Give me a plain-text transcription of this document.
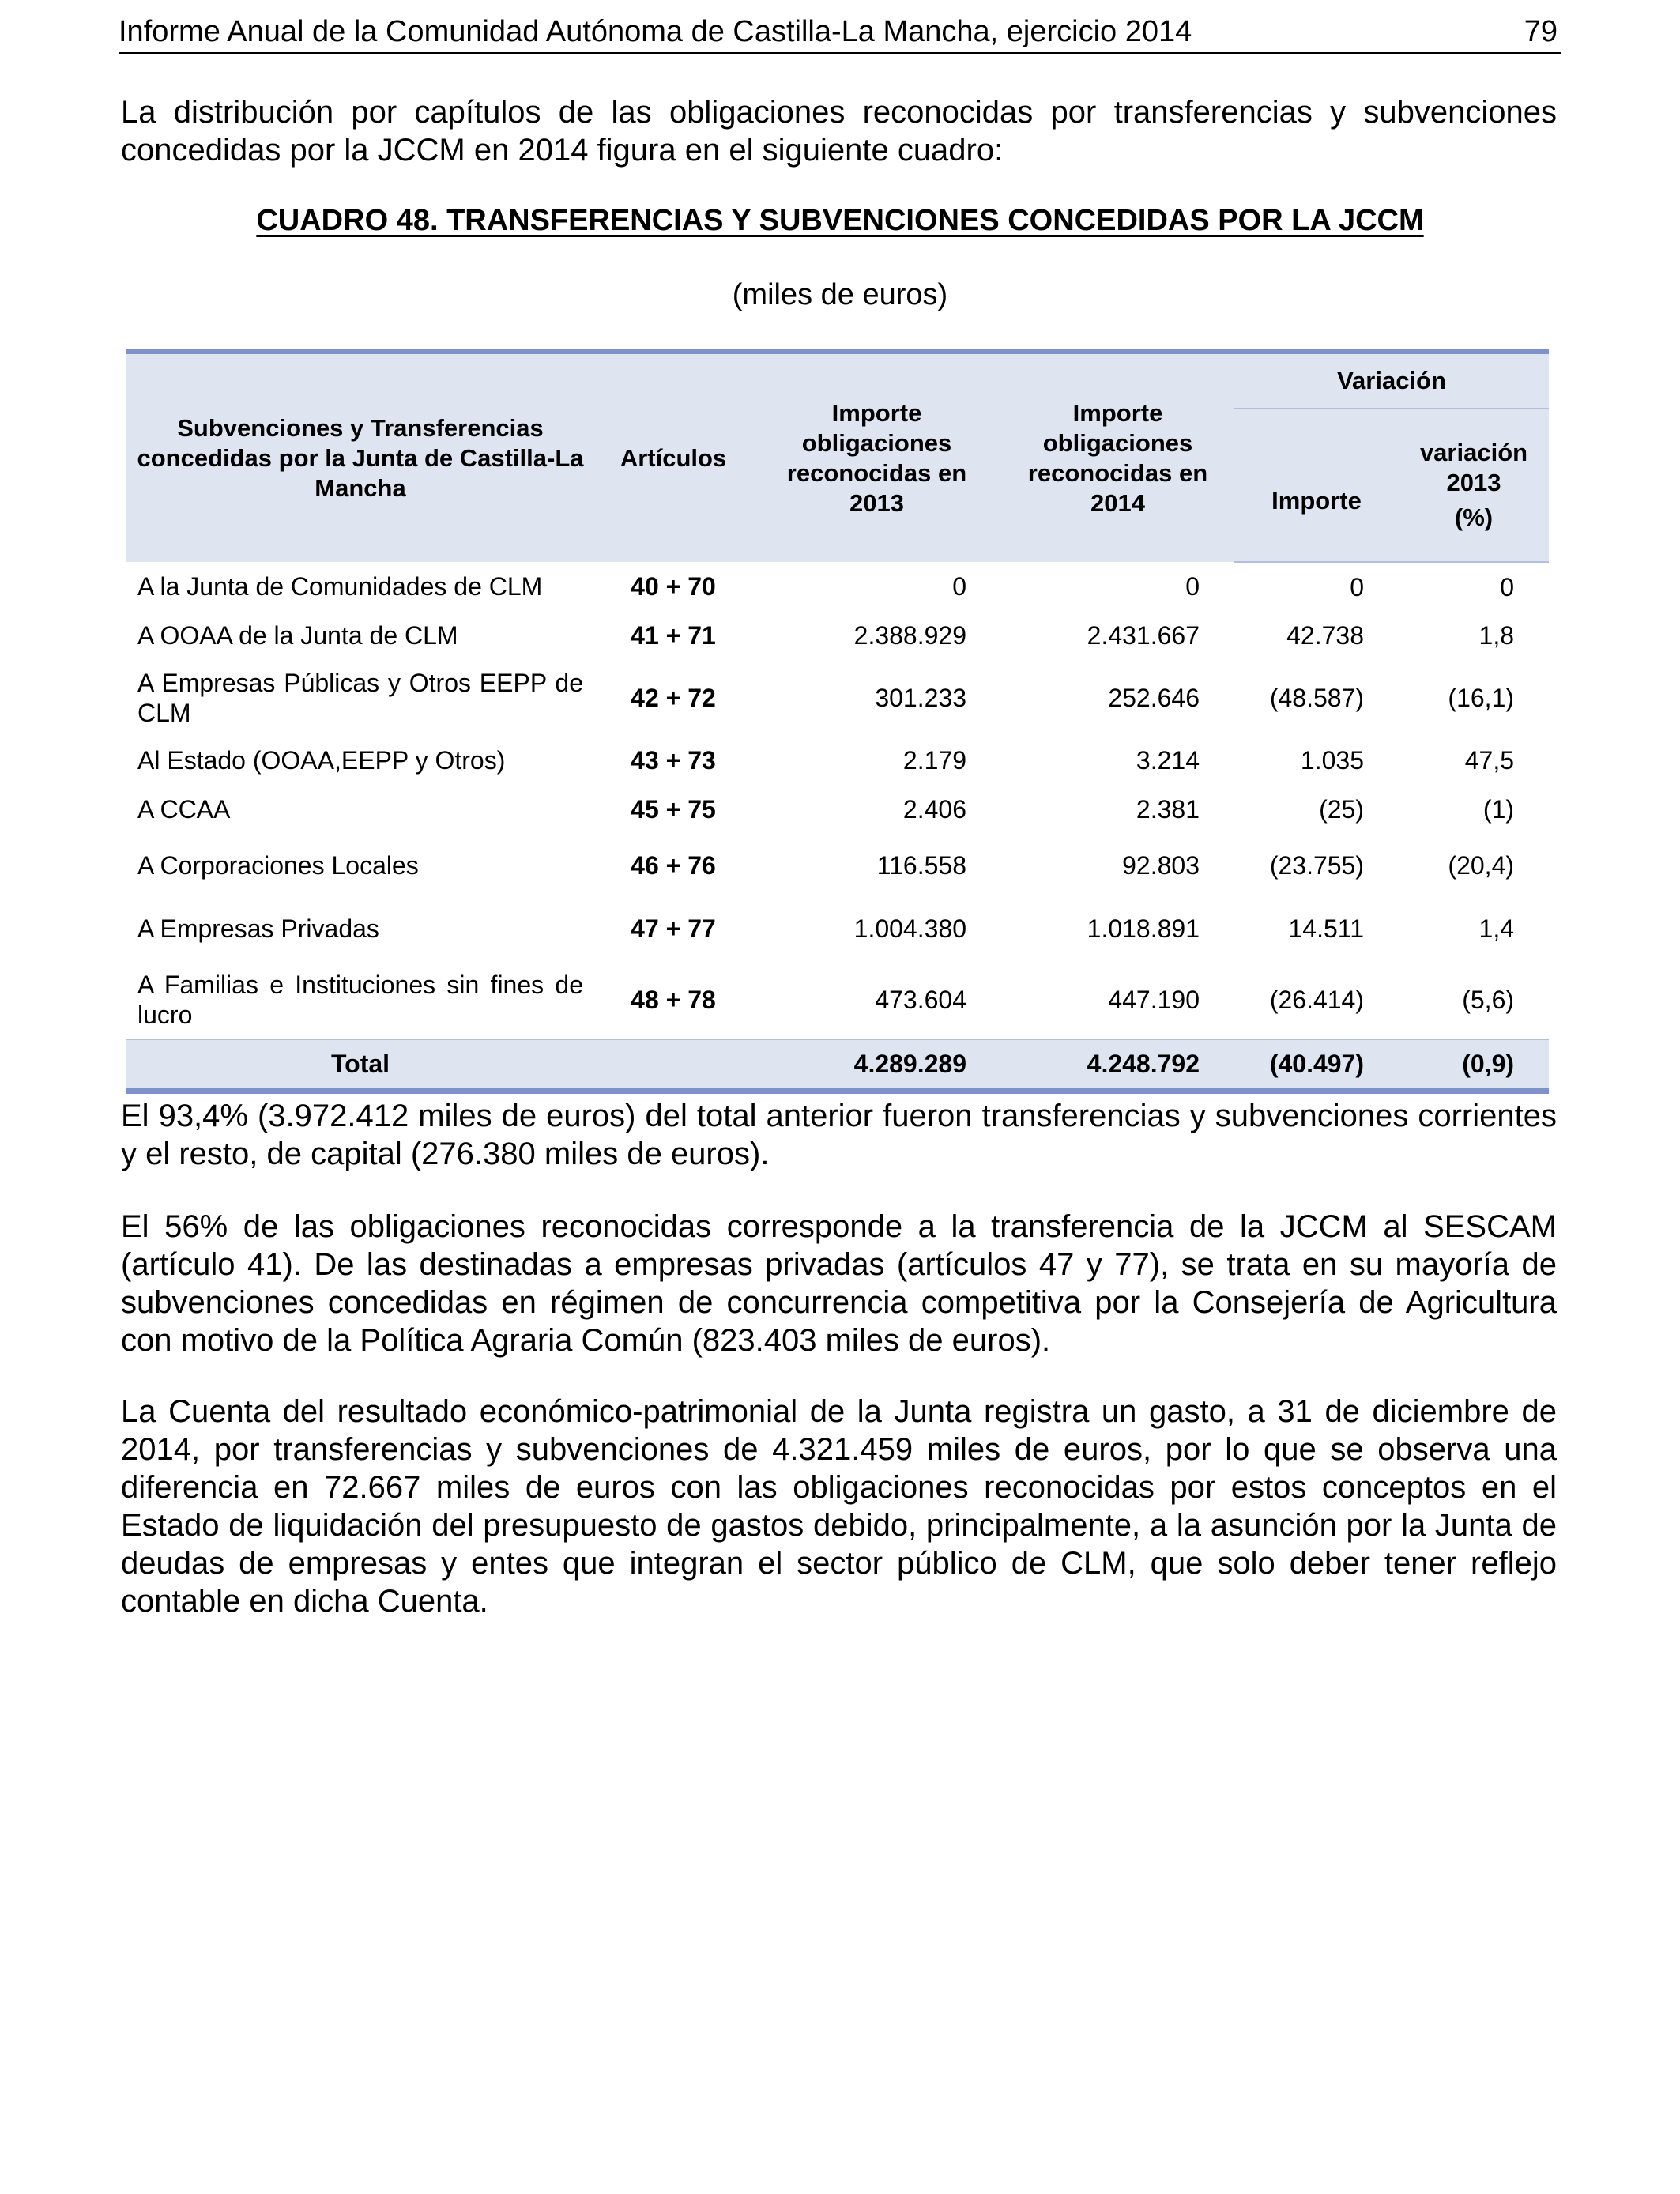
Informe Anual de la Comunidad Autónoma de Castilla-La Mancha, ejercicio 2014	79
La distribución por capítulos de las obligaciones reconocidas por transferencias y subvenciones concedidas por la JCCM en 2014 figura en el siguiente cuadro:
CUADRO 48. TRANSFERENCIAS Y SUBVENCIONES CONCEDIDAS POR LA JCCM
(miles de euros)
Subvenciones y Transferencias concedidas por la Junta de Castilla-La Mancha	Artículos	Importe obligaciones reconocidas en 2013	Importe obligaciones reconocidas en 2014	Variación	
				Importe	variación 2013
(%)

A la Junta de Comunidades de CLM	40 + 70	0	0	0	0
A OOAA de la Junta de CLM	41 + 71	2.388.929	2.431.667	42.738	1,8
A Empresas Públicas y Otros EEPP de CLM	42 + 72	301.233	252.646	(48.587)	(16,1)
Al Estado (OOAA,EEPP y Otros)	43 + 73	2.179	3.214	1.035	47,5
A CCAA	45 + 75	2.406	2.381	(25)	(1)
A Corporaciones Locales	46 + 76	116.558	92.803	(23.755)	(20,4)
A Empresas Privadas	47 + 77	1.004.380	1.018.891	14.511	1,4
A Familias e Instituciones sin fines de lucro	48 + 78	473.604	447.190	(26.414)	(5,6)
Total		4.289.289	4.248.792	(40.497)	(0,9)
El 93,4% (3.972.412 miles de euros) del total anterior fueron transferencias y subvenciones corrientes y el resto, de capital (276.380 miles de euros).
El 56% de las obligaciones reconocidas corresponde a la transferencia de la JCCM al SESCAM (artículo 41). De las destinadas a empresas privadas (artículos 47 y 77), se trata en su mayoría de subvenciones concedidas en régimen de concurrencia competitiva por la Consejería de Agricultura con motivo de la Política Agraria Común (823.403 miles de euros).
La Cuenta del resultado económico-patrimonial de la Junta registra un gasto, a 31 de diciembre de 2014, por transferencias y subvenciones de 4.321.459 miles de euros, por lo que se observa una diferencia en 72.667 miles de euros con las obligaciones reconocidas por estos conceptos en el Estado de liquidación del presupuesto de gastos debido, principalmente, a la asunción por la Junta de deudas de empresas y entes que integran el sector público de CLM, que solo deber tener reflejo contable en dicha Cuenta.
